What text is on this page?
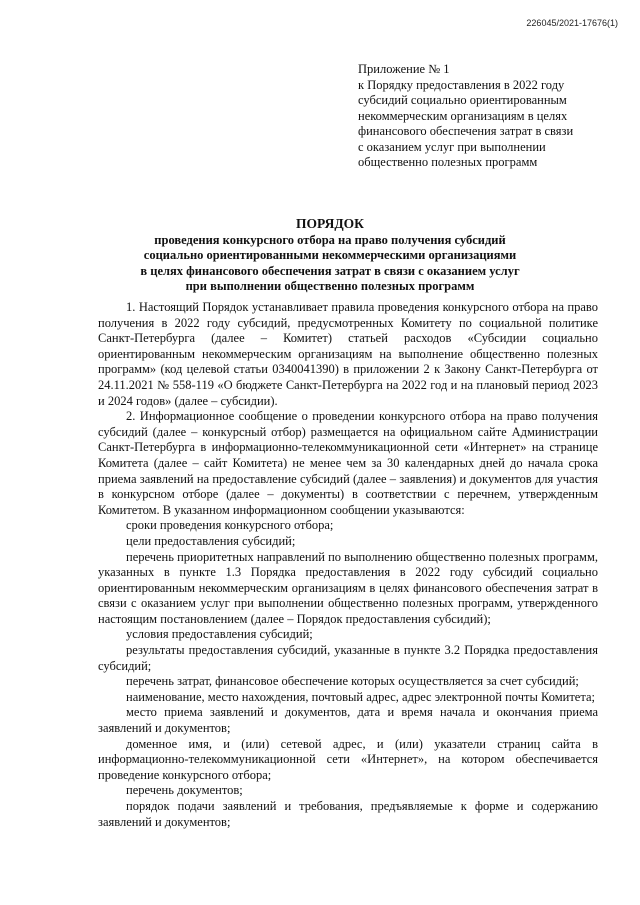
226045/2021-17676(1)
Приложение № 1
к Порядку предоставления в 2022 году
субсидий социально ориентированным
некоммерческим организациям в целях
финансового обеспечения затрат в связи
с оказанием услуг при выполнении
общественно полезных программ
ПОРЯДОК
проведения конкурсного отбора на право получения субсидий
социально ориентированными некоммерческими организациями
в целях финансового обеспечения затрат в связи с оказанием услуг
при выполнении общественно полезных программ

1. Настоящий Порядок устанавливает правила проведения конкурсного отбора на право получения в 2022 году субсидий, предусмотренных Комитету по социальной политике Санкт-Петербурга (далее – Комитет) статьей расходов «Субсидии социально ориентированным некоммерческим организациям на выполнение общественно полезных программ» (код целевой статьи 0340041390) в приложении 2 к Закону Санкт-Петербурга от 24.11.2021 № 558-119 «О бюджете Санкт-Петербурга на 2022 год и на плановый период 2023 и 2024 годов» (далее – субсидии).

2. Информационное сообщение о проведении конкурсного отбора на право получения субсидий (далее – конкурсный отбор) размещается на официальном сайте Администрации Санкт-Петербурга в информационно-телекоммуникационной сети «Интернет» на странице Комитета (далее – сайт Комитета) не менее чем за 30 календарных дней до начала срока приема заявлений на предоставление субсидий (далее – заявления) и документов для участия в конкурсном отборе (далее – документы) в соответствии с перечнем, утвержденным Комитетом. В указанном информационном сообщении указываются:

сроки проведения конкурсного отбора;

цели предоставления субсидий;

перечень приоритетных направлений по выполнению общественно полезных программ, указанных в пункте 1.3 Порядка предоставления в 2022 году субсидий социально ориентированным некоммерческим организациям в целях финансового обеспечения затрат в связи с оказанием услуг при выполнении общественно полезных программ, утвержденного настоящим постановлением (далее – Порядок предоставления субсидий);

условия предоставления субсидий;

результаты предоставления субсидий, указанные в пункте 3.2 Порядка предоставления субсидий;

перечень затрат, финансовое обеспечение которых осуществляется за счет субсидий;

наименование, место нахождения, почтовый адрес, адрес электронной почты Комитета;

место приема заявлений и документов, дата и время начала и окончания приема заявлений и документов;

доменное имя, и (или) сетевой адрес, и (или) указатели страниц сайта в информационно-телекоммуникационной сети «Интернет», на котором обеспечивается проведение конкурсного отбора;

перечень документов;

порядок подачи заявлений и требования, предъявляемые к форме и содержанию заявлений и документов;
